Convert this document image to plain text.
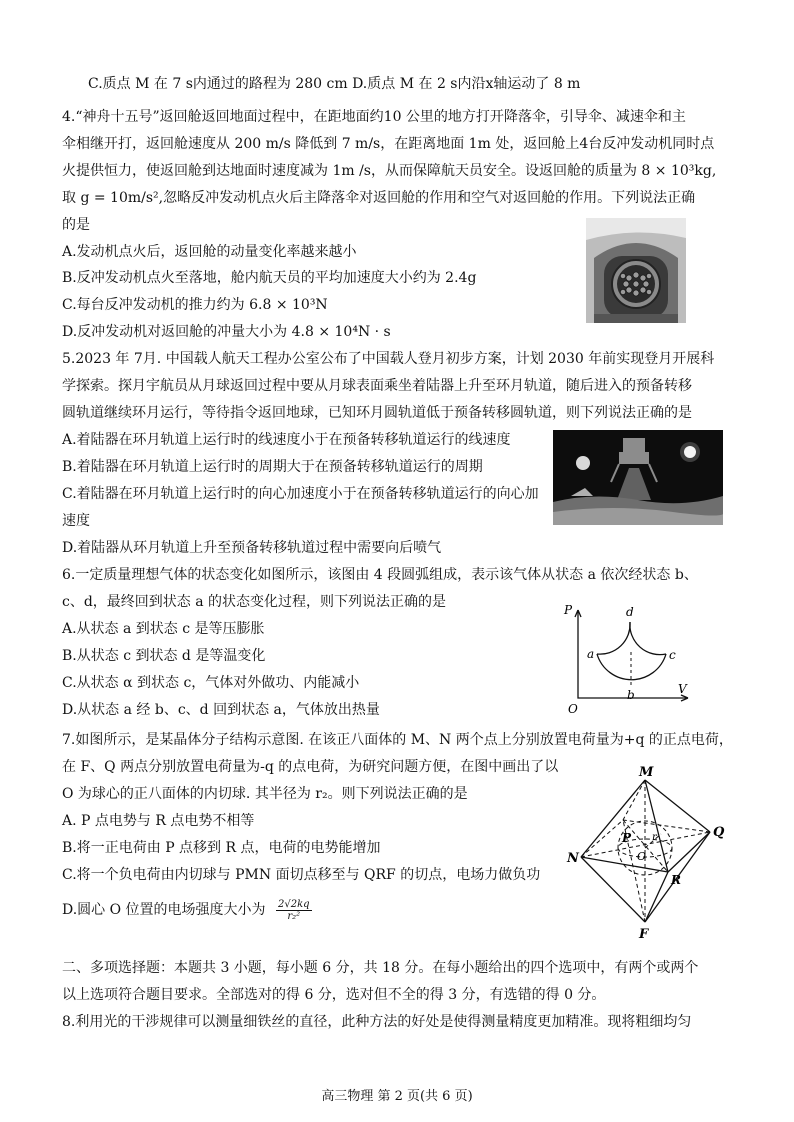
C.质点 M 在 7 s内通过的路程为 280 cm D.质点 M 在 2 s内沿x轴运动了 8 m
4.“神舟十五号”返回舱返回地面过程中，在距地面约10 公里的地方打开降落伞，引导伞、减速伞和主
伞相继开打，返回舱速度从 200 m/s 降低到 7 m/s，在距离地面 1m 处，返回舱上4台反冲发动机同时点
火提供恒力，使返回舱到达地面时速度减为 1m /s，从而保障航天员安全。设返回舱的质量为 8 × 10³kg,
取 g = 10m/s²,忽略反冲发动机点火后主降落伞对返回舱的作用和空气对返回舱的作用。下列说法正确
的是
A.发动机点火后，返回舱的动量变化率越来越小
B.反冲发动机点火至落地，舱内航天员的平均加速度大小约为 2.4g
C.每台反冲发动机的推力约为 6.8 × 10³N
D.反冲发动机对返回舱的冲量大小为 4.8 × 10⁴N · s
5.2023 年 7月. 中国载人航天工程办公室公布了中国载人登月初步方案，计划 2030 年前实现登月开展科
学探索。探月宇航员从月球返回过程中要从月球表面乘坐着陆器上升至环月轨道，随后进入的预备转移
圆轨道继续环月运行，等待指令返回地球，已知环月圆轨道低于预备转移圆轨道，则下列说法正确的是
A.着陆器在环月轨道上运行时的线速度小于在预备转移轨道运行的线速度
B.着陆器在环月轨道上运行时的周期大于在预备转移轨道运行的周期
C.着陆器在环月轨道上运行时的向心加速度小于在预备转移轨道运行的向心加
速度
D.着陆器从环月轨道上升至预备转移轨道过程中需要向后喷气
6.一定质量理想气体的状态变化如图所示，该图由 4 段圆弧组成，表示该气体从状态 a 依次经状态 b、
c、d，最终回到状态 a 的状态变化过程，则下列说法正确的是
A.从状态 a 到状态 c 是等压膨胀
B.从状态 c 到状态 d 是等温变化
C.从状态 α 到状态 c，气体对外做功、内能减小
D.从状态 a 经 b、c、d 回到状态 a，气体放出热量
7.如图所示，是某晶体分子结构示意图. 在该正八面体的 M、N 两个点上分别放置电荷量为+q 的正点电荷，
在 F、Q 两点分别放置电荷量为-q 的点电荷，为研究问题方便，在图中画出了以
O 为球心的正八面体的内切球. 其半径为 r₂。则下列说法正确的是
A. P 点电势与 R 点电势不相等
B.将一正电荷由 P 点移到 R 点，电荷的电势能增加
C.将一个负电荷由内切球与 PMN 面切点移至与 QRF 的切点，电场力做负功
D.圆心 O 位置的电场强度大小为 $\frac{2√2kq}{\text{r₂²}}$
二、多项选择题：本题共 3 小题，每小题 6 分，共 18 分。在每小题给出的四个选项中，有两个或两个
以上选项符合题目要求。全部选对的得 6 分，选对但不全的得 3 分，有选错的得 0 分。
8.利用光的干涉规律可以测量细铁丝的直径，此种方法的好处是使得测量精度更加精准。现将粗细均匀
P
V
O
a
b
c
d
M
N
Q
F
P
R
O
r
高三物理 第 2 页(共 6 页)
